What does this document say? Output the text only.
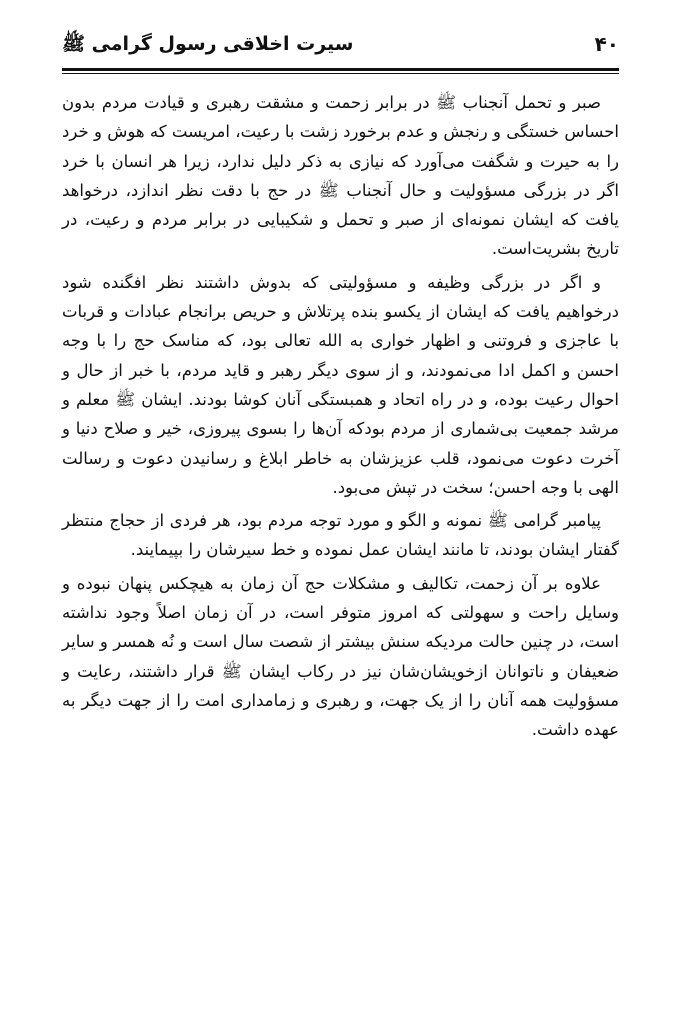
۴۰
سیرت اخلاقی رسول گرامی ﷺ

صبر و تحمل آنجناب ﷺ در برابر زحمت و مشقت رهبری و قیادت مردم بدون احساس خستگی و رنجش و عدم برخورد زشت با رعیت، امریست که هوش و خرد را به حیرت و شگفت می‌آورد که نیازی به ذکر دلیل ندارد، زیرا هر انسان با خرد اگر در بزرگی مسؤولیت و حال آنجناب ﷺ در حج با دقت نظر اندازد، درخواهد یافت که ایشان نمونه‌ای از صبر و تحمل و شکیبایی در برابر مردم و رعیت، در تاریخ بشریت‌است.

و اگر در بزرگی وظیفه و مسؤولیتی که بدوش داشتند نظر افگنده شود درخواهیم یافت که ایشان از یکسو بنده پرتلاش و حریص برانجام عبادات و قربات با عاجزی و فروتنی و اظهار خواری به الله تعالی بود، که مناسک حج را با وجه احسن و اکمل ادا می‌نمودند، و از سوی دیگر رهبر و قاید مردم، با خبر از حال و احوال رعیت بوده، و در راه اتحاد و همبستگی آنان کوشا بودند. ایشان ﷺ معلم و مرشد جمعیت بی‌شماری از مردم بودکه آن‌ها را بسوی پیروزی، خیر و صلاح دنیا و آخرت دعوت می‌نمود، قلب عزیزشان به خاطر ابلاغ و رسانیدن دعوت و رسالت الهی با وجه احسن؛ سخت در تپش می‌بود.

پیامبر گرامی ﷺ نمونه و الگو و مورد توجه مردم بود، هر فردی از حجاج منتظر گفتار ایشان بودند، تا مانند ایشان عمل نموده و خط سیرشان را بپیمایند.

علاوه بر آن زحمت، تکالیف و مشکلات حج آن زمان به هیچکس پنهان نبوده و وسایل راحت و سهولتی که امروز متوفر است، در آن زمان اصلاً وجود نداشته است، در چنین حالت مردیکه سنش بیشتر از شصت سال است و نُه همسر و سایر ضعیفان و ناتوانان ازخویشان‌شان نیز در رکاب ایشان ﷺ قرار داشتند، رعایت و مسؤولیت همه آنان را از یک جهت، و رهبری و زمامداری امت را از جهت دیگر به عهده داشت.
